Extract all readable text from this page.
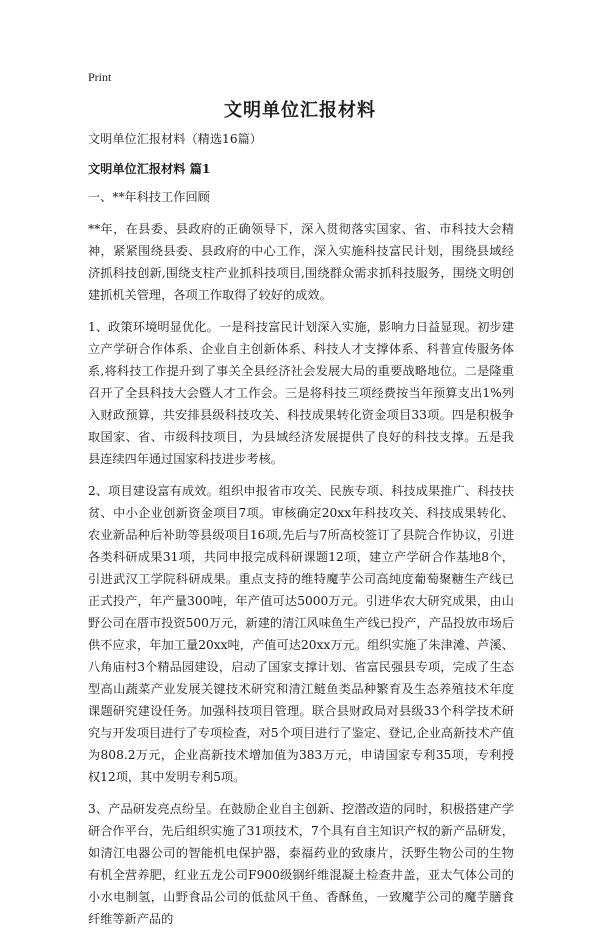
Print
文明单位汇报材料

文明单位汇报材料（精选16篇）

文明单位汇报材料 篇1

一、**年科技工作回顾

**年，在县委、县政府的正确领导下，深入贯彻落实国家、省、市科技大会精神，紧紧围绕县委、县政府的中心工作，深入实施科技富民计划，围绕县域经济抓科技创新,围绕支柱产业抓科技项目,围绕群众需求抓科技服务，围绕文明创建抓机关管理，各项工作取得了较好的成效。

1、政策环境明显优化。一是科技富民计划深入实施，影响力日益显现。初步建立产学研合作体系、企业自主创新体系、科技人才支撑体系、科普宣传服务体系,将科技工作提升到了事关全县经济社会发展大局的重要战略地位。二是隆重召开了全县科技大会暨人才工作会。三是将科技三项经费按当年预算支出1%列入财政预算，共安排县级科技攻关、科技成果转化资金项目33项。四是积极争取国家、省、市级科技项目，为县域经济发展提供了良好的科技支撑。五是我县连续四年通过国家科技进步考核。

2、项目建设富有成效。组织申报省市攻关、民族专项、科技成果推广、科技扶贫、中小企业创新资金项目7项。审核确定20xx年科技攻关、科技成果转化、农业新品种后补助等县级项目16项,先后与7所高校签订了县院合作协议，引进各类科研成果31项，共同申报完成科研课题12项，建立产学研合作基地8个，引进武汉工学院科研成果。重点支持的维特魔芋公司高纯度葡萄聚糖生产线已正式投产，年产量300吨，年产值可达5000万元。引进华农大研究成果，由山野公司在厝市投资500万元，新建的清江风味鱼生产线已投产，产品投放市场后供不应求，年加工量20xx吨，产值可达20xx万元。组织实施了朱津滩、芦溪、八角庙村3个精品园建设，启动了国家支撑计划、省富民强县专项，完成了生态型高山蔬菜产业发展关键技术研究和清江鲢鱼类品种繁育及生态养殖技术年度课题研究建设任务。加强科技项目管理。联合县财政局对县级33个科学技术研究与开发项目进行了专项检查，对5个项目进行了鉴定、登记,企业高新技术产值为808.2万元，企业高新技术增加值为383万元，申请国家专利35项，专利授权12项，其中发明专利5项。

3、产品研发亮点纷呈。在鼓励企业自主创新、挖潜改造的同时，积极搭建产学研合作平台，先后组织实施了31项技术，7个具有自主知识产权的新产品研发，如清江电器公司的智能机电保护器，泰福药业的致康片，沃野生物公司的生物有机全营养肥，红业五龙公司F900级钢纤维混凝土检查井盖，亚太气体公司的小水电制氢，山野食品公司的低盐风干鱼、香酥鱼，一致魔芋公司的魔芋膳食纤维等新产品的
